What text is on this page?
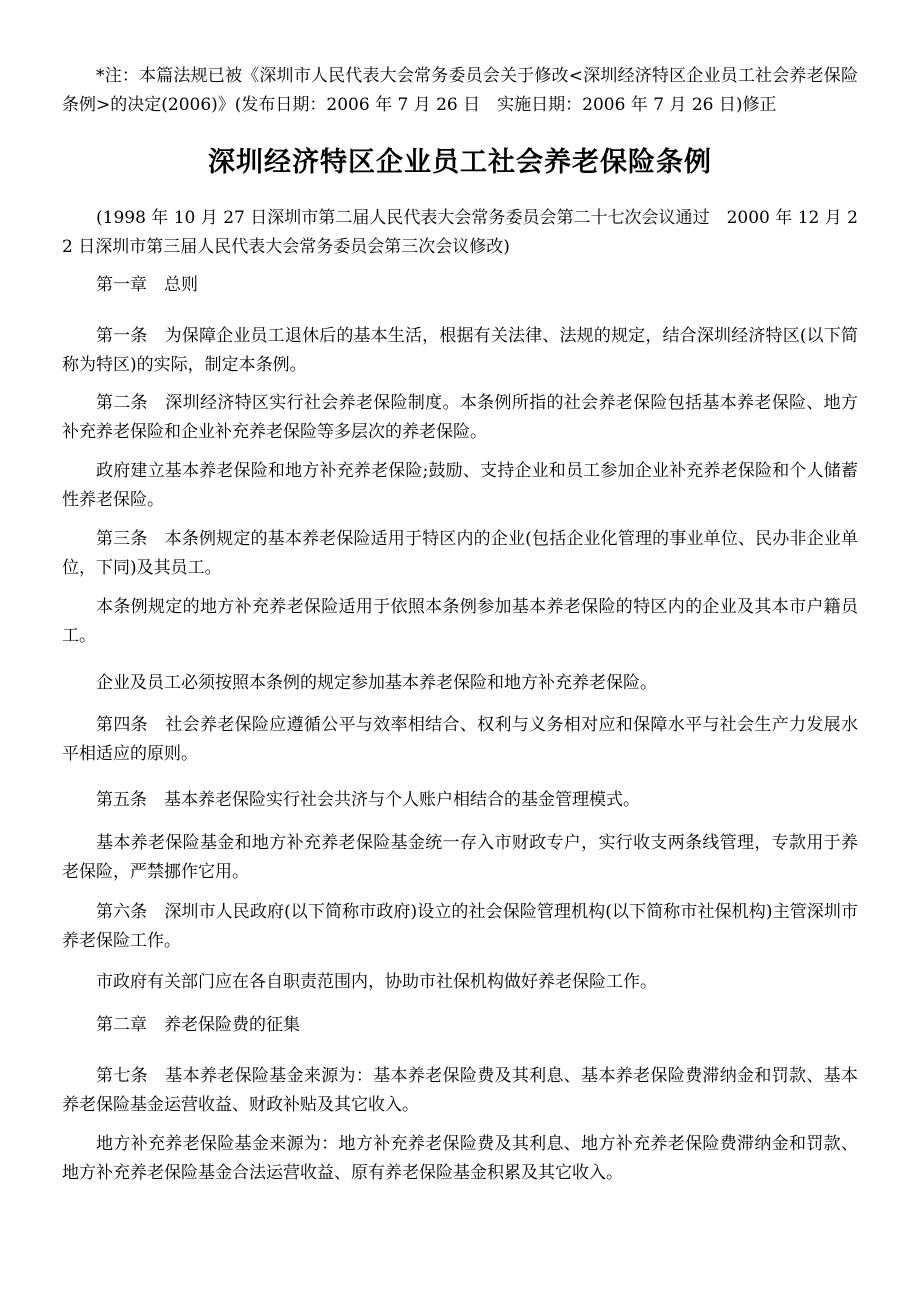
*注：本篇法规已被《深圳市人民代表大会常务委员会关于修改<深圳经济特区企业员工社会养老保险条例>的决定(2006)》(发布日期：2006 年 7 月 26 日　实施日期：2006 年 7 月 26 日)修正

深圳经济特区企业员工社会养老保险条例

(1998 年 10 月 27 日深圳市第二届人民代表大会常务委员会第二十七次会议通过　2000 年 12 月 22 日深圳市第三届人民代表大会常务委员会第三次会议修改)

第一章　总则

第一条　为保障企业员工退休后的基本生活，根据有关法律、法规的规定，结合深圳经济特区(以下简称为特区)的实际，制定本条例。

第二条　深圳经济特区实行社会养老保险制度。本条例所指的社会养老保险包括基本养老保险、地方补充养老保险和企业补充养老保险等多层次的养老保险。

政府建立基本养老保险和地方补充养老保险;鼓励、支持企业和员工参加企业补充养老保险和个人储蓄性养老保险。

第三条　本条例规定的基本养老保险适用于特区内的企业(包括企业化管理的事业单位、民办非企业单位，下同)及其员工。

本条例规定的地方补充养老保险适用于依照本条例参加基本养老保险的特区内的企业及其本市户籍员工。

企业及员工必须按照本条例的规定参加基本养老保险和地方补充养老保险。

第四条　社会养老保险应遵循公平与效率相结合、权利与义务相对应和保障水平与社会生产力发展水平相适应的原则。

第五条　基本养老保险实行社会共济与个人账户相结合的基金管理模式。

基本养老保险基金和地方补充养老保险基金统一存入市财政专户，实行收支两条线管理，专款用于养老保险，严禁挪作它用。

第六条　深圳市人民政府(以下简称市政府)设立的社会保险管理机构(以下简称市社保机构)主管深圳市养老保险工作。

市政府有关部门应在各自职责范围内，协助市社保机构做好养老保险工作。

第二章　养老保险费的征集

第七条　基本养老保险基金来源为：基本养老保险费及其利息、基本养老保险费滞纳金和罚款、基本养老保险基金运营收益、财政补贴及其它收入。

地方补充养老保险基金来源为：地方补充养老保险费及其利息、地方补充养老保险费滞纳金和罚款、地方补充养老保险基金合法运营收益、原有养老保险基金积累及其它收入。
